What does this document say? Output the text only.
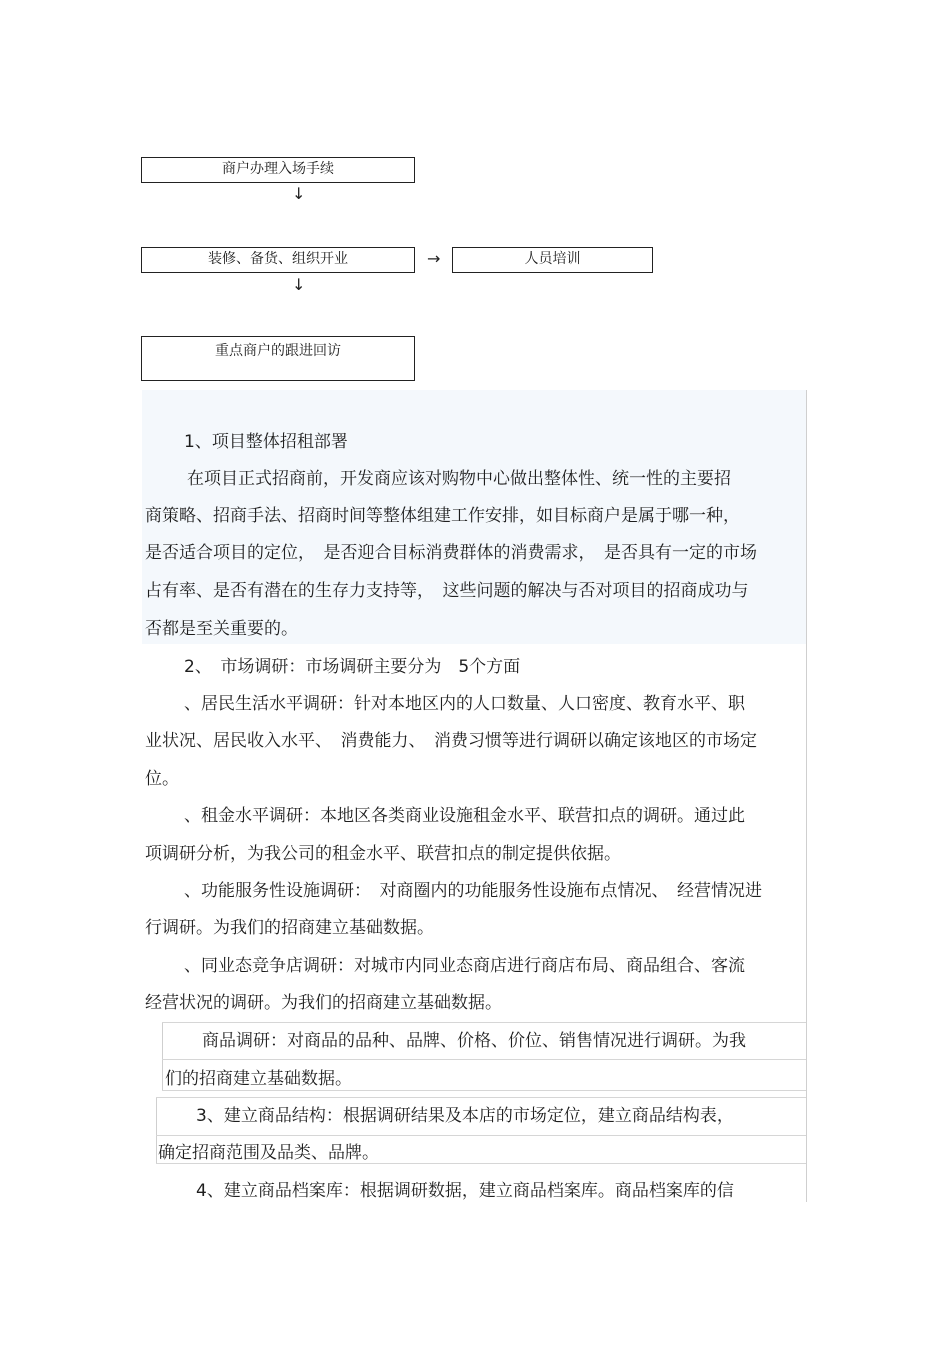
商户办理入场手续
↓
装修、备货、组织开业	→	人员培训
↓
重点商户的跟进回访
1、项目整体招租部署
在项目正式招商前，开发商应该对购物中心做出整体性、统一性的主要招
商策略、招商手法、招商时间等整体组建工作安排，如目标商户是属于哪一种，
是否适合项目的定位，　是否迎合目标消费群体的消费需求，　是否具有一定的市场
占有率、是否有潜在的生存力支持等，　这些问题的解决与否对项目的招商成功与
否都是至关重要的。
2、　市场调研：市场调研主要分为　5个方面
、居民生活水平调研：针对本地区内的人口数量、人口密度、教育水平、职
业状况、居民收入水平、　消费能力、　消费习惯等进行调研以确定该地区的市场定
位。
、租金水平调研：本地区各类商业设施租金水平、联营扣点的调研。通过此
项调研分析，为我公司的租金水平、联营扣点的制定提供依据。
、功能服务性设施调研：　对商圈内的功能服务性设施布点情况、　经营情况进
行调研。为我们的招商建立基础数据。
、同业态竞争店调研：对城市内同业态商店进行商店布局、商品组合、客流
经营状况的调研。为我们的招商建立基础数据。
商品调研：对商品的品种、品牌、价格、价位、销售情况进行调研。为我
们的招商建立基础数据。
3、建立商品结构：根据调研结果及本店的市场定位，建立商品结构表，
确定招商范围及品类、品牌。
4、建立商品档案库：根据调研数据，建立商品档案库。商品档案库的信
